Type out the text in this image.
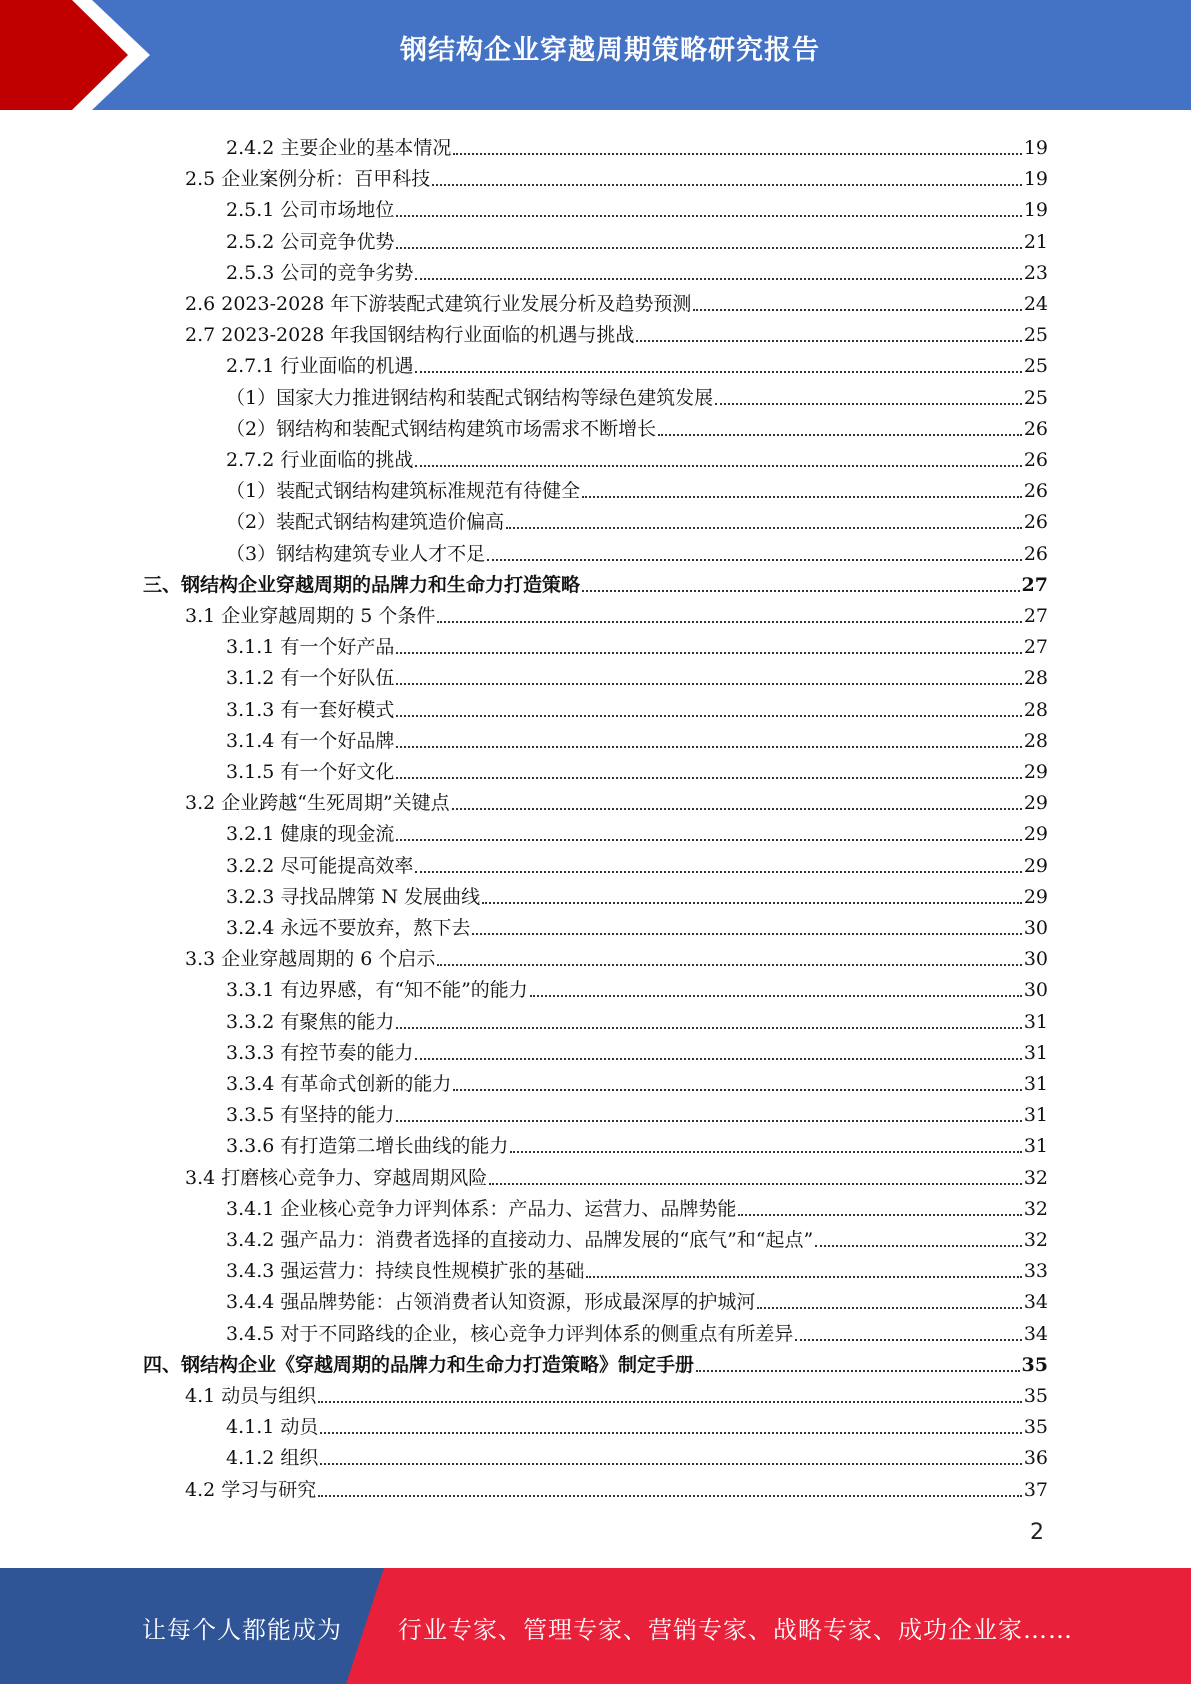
钢结构企业穿越周期策略研究报告
2.4.2 主要企业的基本情况	19
2.5 企业案例分析：百甲科技	19
2.5.1 公司市场地位	19
2.5.2 公司竞争优势	21
2.5.3 公司的竞争劣势	23
2.6 2023-2028 年下游装配式建筑行业发展分析及趋势预测	24
2.7 2023-2028 年我国钢结构行业面临的机遇与挑战	25
2.7.1 行业面临的机遇	25
（1）国家大力推进钢结构和装配式钢结构等绿色建筑发展	25
（2）钢结构和装配式钢结构建筑市场需求不断增长	26
2.7.2 行业面临的挑战	26
（1）装配式钢结构建筑标准规范有待健全	26
（2）装配式钢结构建筑造价偏高	26
（3）钢结构建筑专业人才不足	26
三、钢结构企业穿越周期的品牌力和生命力打造策略	27
3.1 企业穿越周期的 5 个条件	27
3.1.1 有一个好产品	27
3.1.2 有一个好队伍	28
3.1.3 有一套好模式	28
3.1.4 有一个好品牌	28
3.1.5 有一个好文化	29
3.2 企业跨越“生死周期”关键点	29
3.2.1 健康的现金流	29
3.2.2 尽可能提高效率	29
3.2.3 寻找品牌第 N 发展曲线	29
3.2.4 永远不要放弃，熬下去	30
3.3 企业穿越周期的 6 个启示	30
3.3.1 有边界感，有“知不能”的能力	30
3.3.2 有聚焦的能力	31
3.3.3 有控节奏的能力	31
3.3.4 有革命式创新的能力	31
3.3.5 有坚持的能力	31
3.3.6 有打造第二增长曲线的能力	31
3.4 打磨核心竞争力、穿越周期风险	32
3.4.1 企业核心竞争力评判体系：产品力、运营力、品牌势能	32
3.4.2 强产品力：消费者选择的直接动力、品牌发展的“底气”和“起点”	32
3.4.3 强运营力：持续良性规模扩张的基础	33
3.4.4 强品牌势能：占领消费者认知资源，形成最深厚的护城河	34
3.4.5 对于不同路线的企业，核心竞争力评判体系的侧重点有所差异	34
四、钢结构企业《穿越周期的品牌力和生命力打造策略》制定手册	35
4.1 动员与组织	35
4.1.1 动员	35
4.1.2 组织	36
4.2 学习与研究	37
2
让每个人都能成为 行业专家、管理专家、营销专家、战略专家、成功企业家……
